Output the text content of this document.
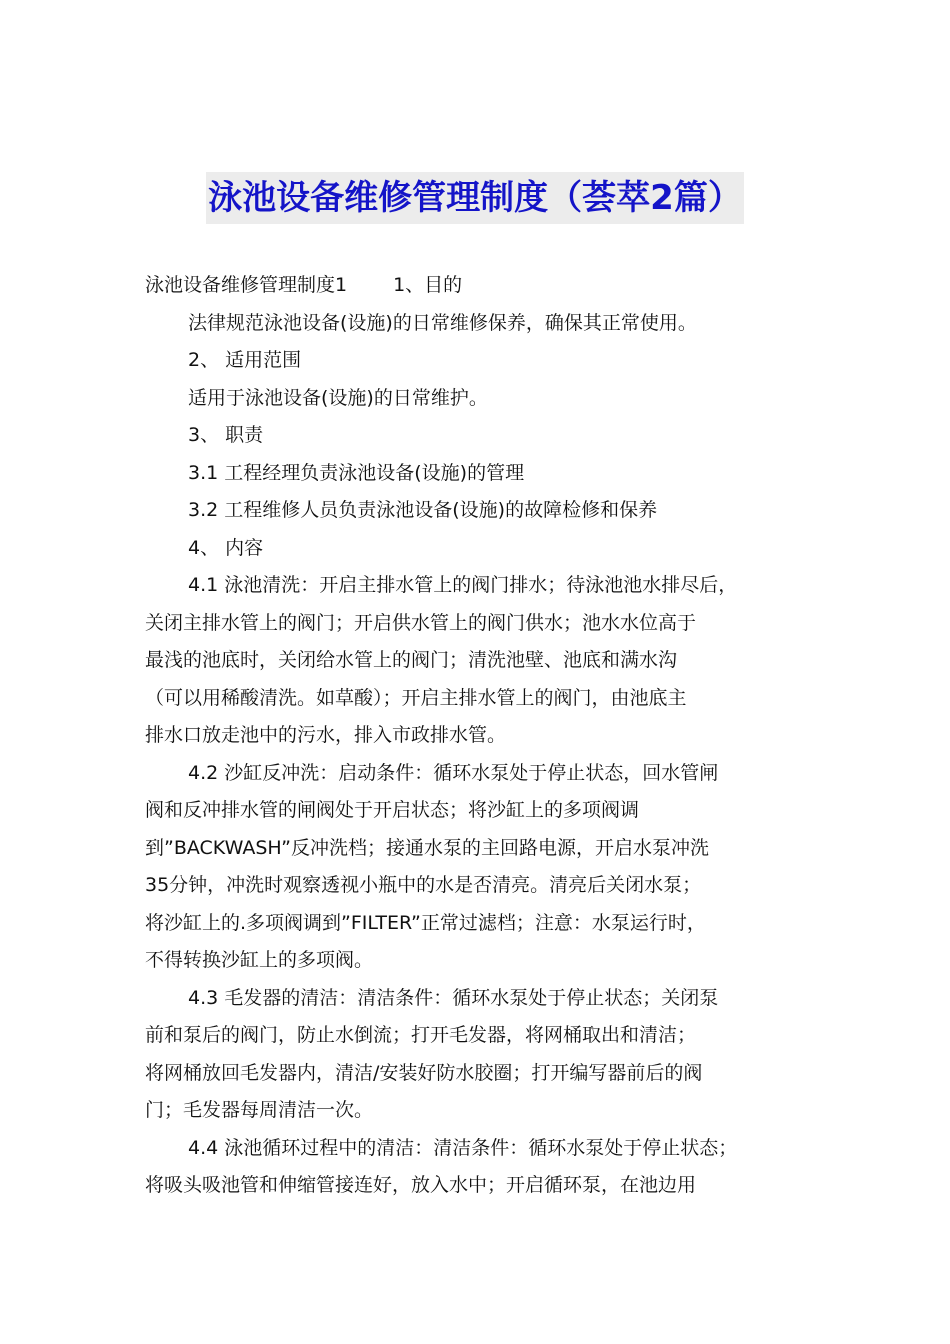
泳池设备维修管理制度（荟萃2篇）
泳池设备维修管理制度1 1、目的
法律规范泳池设备(设施)的日常维修保养，确保其正常使用。
2、 适用范围
适用于泳池设备(设施)的日常维护。
3、 职责
3.1 工程经理负责泳池设备(设施)的管理
3.2 工程维修人员负责泳池设备(设施)的故障检修和保养
4、 内容
4.1 泳池清洗：开启主排水管上的阀门排水；待泳池池水排尽后，
关闭主排水管上的阀门；开启供水管上的阀门供水；池水水位高于
最浅的池底时，关闭给水管上的阀门；清洗池壁、池底和满水沟
（可以用稀酸清洗。如草酸）；开启主排水管上的阀门，由池底主
排水口放走池中的污水，排入市政排水管。
4.2 沙缸反冲洗：启动条件：循环水泵处于停止状态，回水管闸
阀和反冲排水管的闸阀处于开启状态；将沙缸上的多项阀调
到”BACKWASH”反冲洗档；接通水泵的主回路电源，开启水泵冲洗
35分钟，冲洗时观察透视小瓶中的水是否清亮。清亮后关闭水泵；
将沙缸上的.多项阀调到”FILTER”正常过滤档；注意：水泵运行时，
不得转换沙缸上的多项阀。
4.3 毛发器的清洁：清洁条件：循环水泵处于停止状态；关闭泵
前和泵后的阀门，防止水倒流；打开毛发器，将网桶取出和清洁；
将网桶放回毛发器内，清洁/安装好防水胶圈；打开编写器前后的阀
门；毛发器每周清洁一次。
4.4 泳池循环过程中的清洁：清洁条件：循环水泵处于停止状态；
将吸头吸池管和伸缩管接连好，放入水中；开启循环泵，在池边用
